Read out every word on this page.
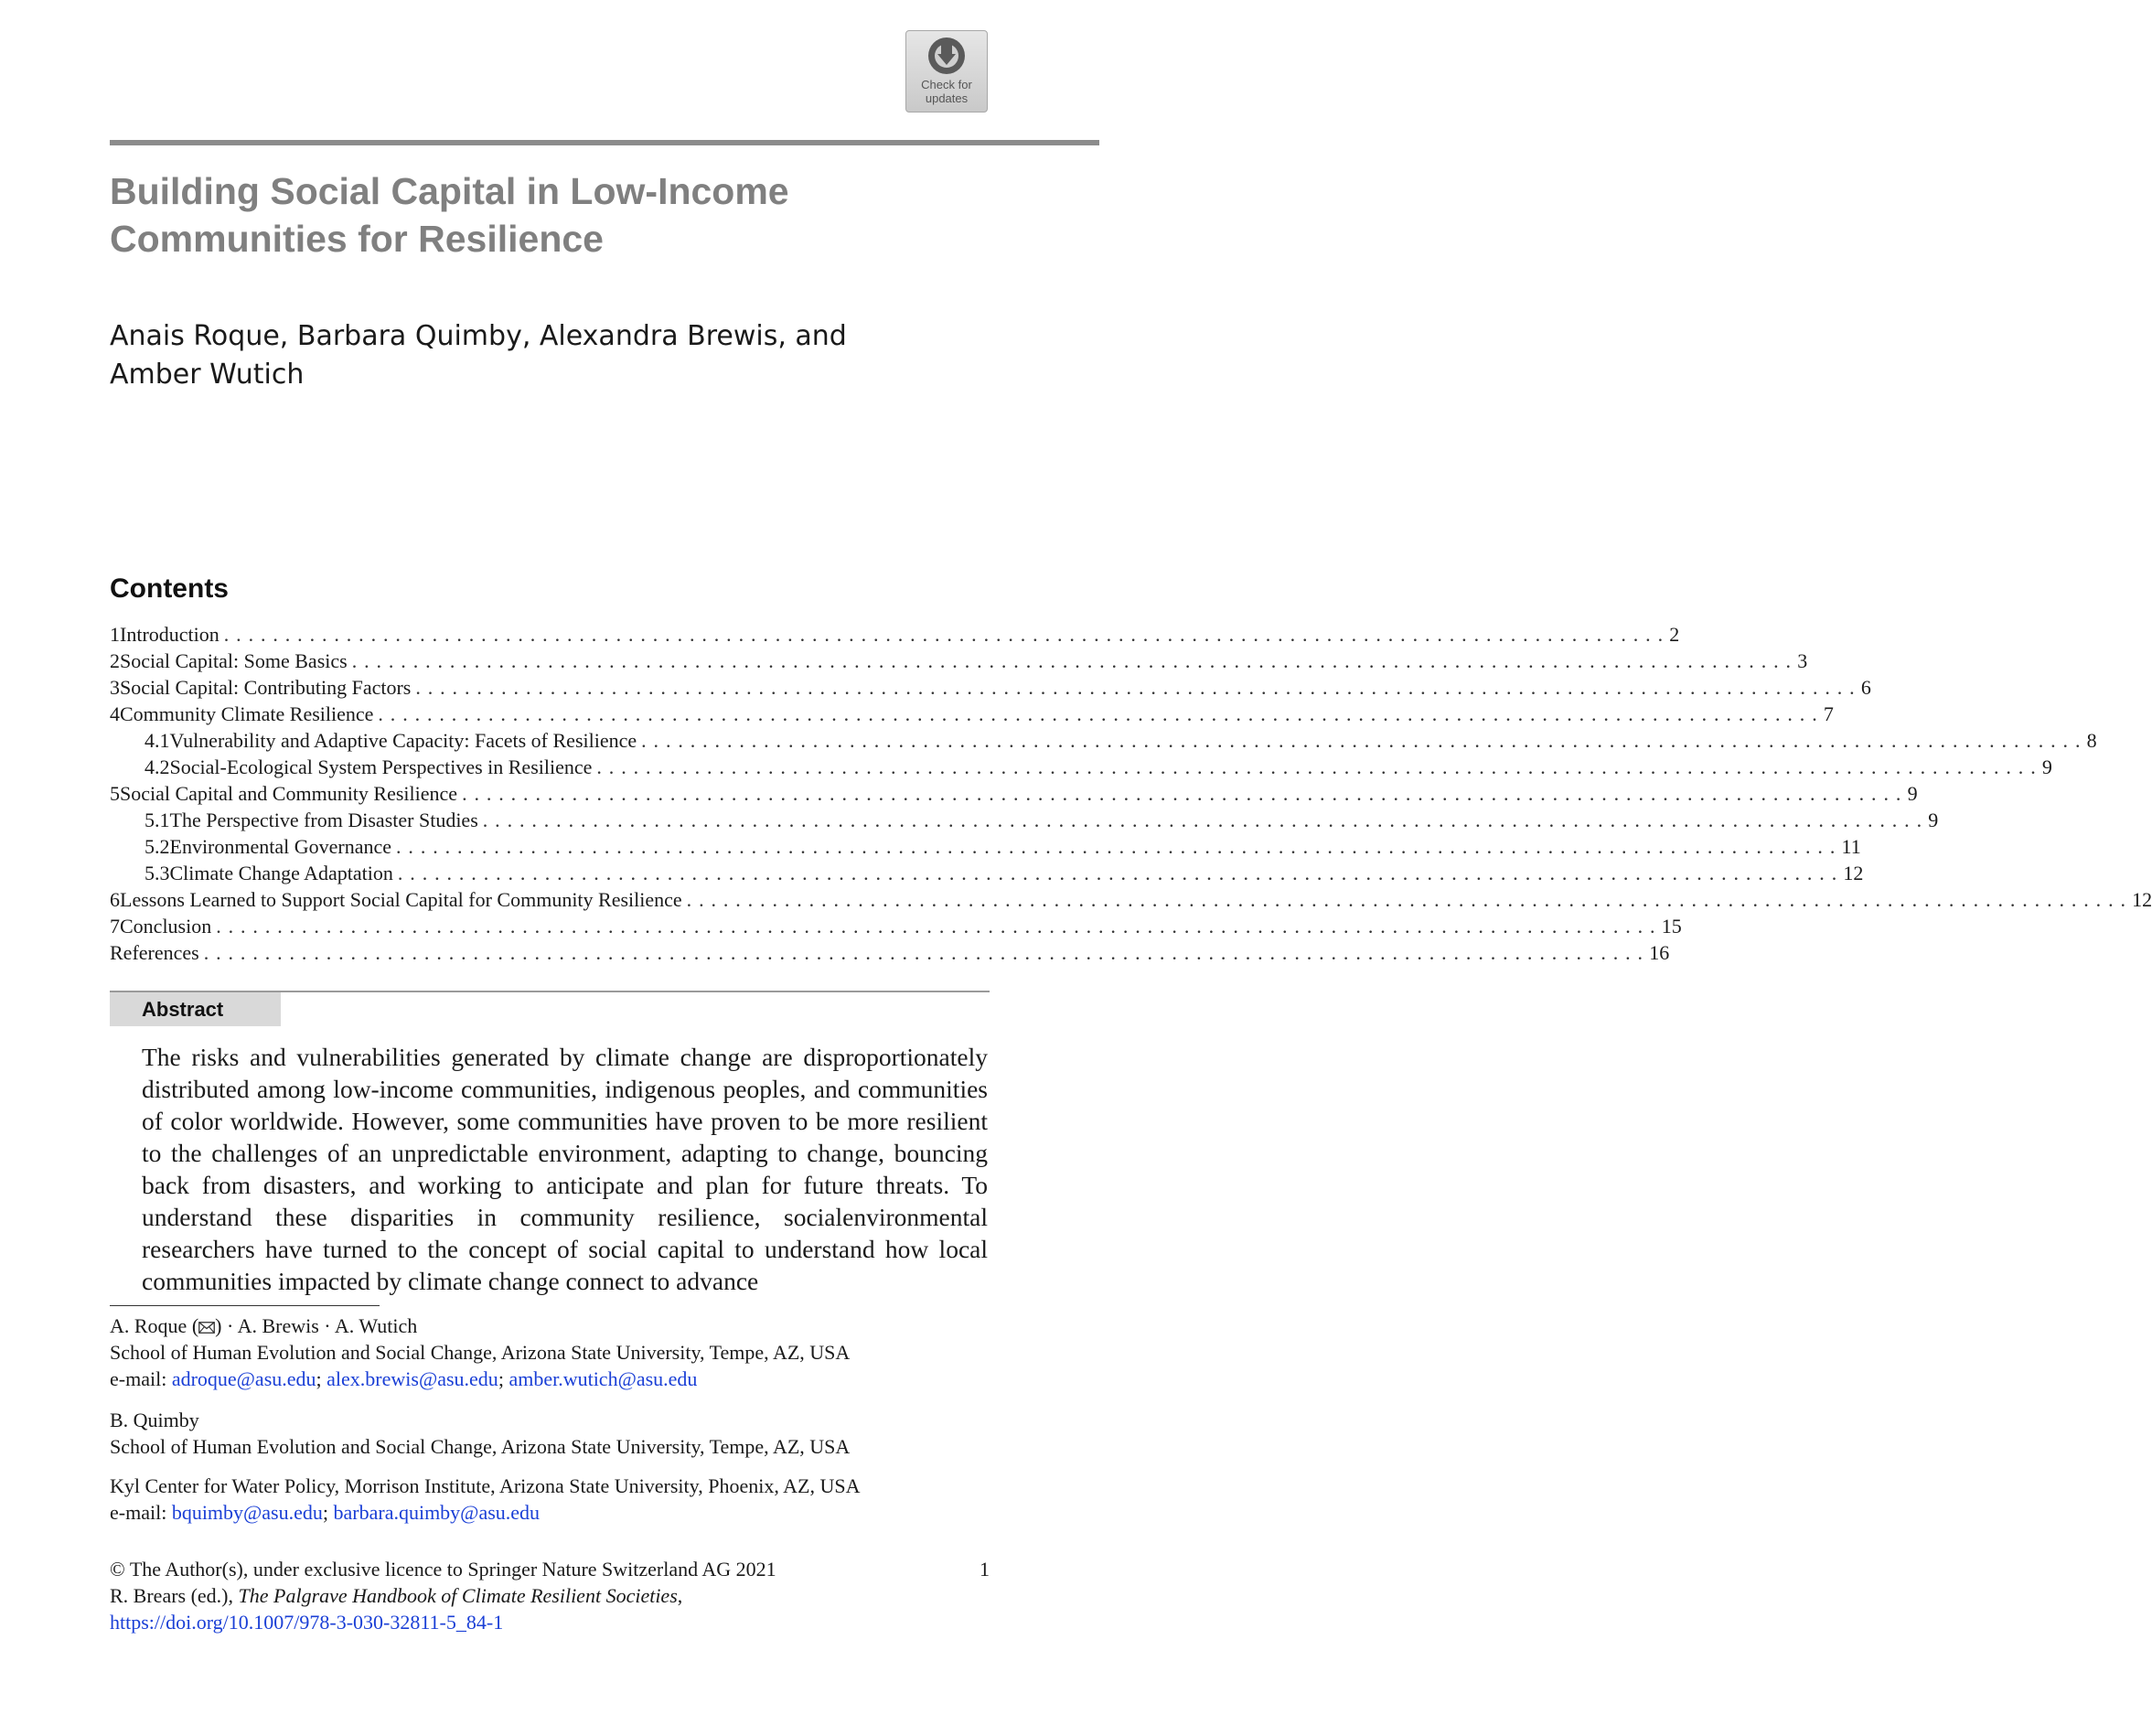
Check for
updates
Building Social Capital in Low-Income
Communities for Resilience
Anais Roque, Barbara Quimby, Alexandra Brewis, and
Amber Wutich
Contents
1 Introduction . . . . . . . . . . . . . . . . . . . . . . . . . . . . . . . . . . . . . . . . . . . . . . . . . . . . . . . . . . . . . . . . . . . . . . . . . . . . . . . . . . . . . . . . . . . . . . . . . . . . . . . . . . . . . . . . . . . . . . 2
2 Social Capital: Some Basics . . . . . . . . . . . . . . . . . . . . . . . . . . . . . . . . . . . . . . . . . . . . . . . . . . . . . . . . . . . . . . . . . . . . . . . . . . . . . . . . . . . . . . . . . . . . . . . . . . . . . . . . . . . . . . . . . . . . . . 3
3 Social Capital: Contributing Factors . . . . . . . . . . . . . . . . . . . . . . . . . . . . . . . . . . . . . . . . . . . . . . . . . . . . . . . . . . . . . . . . . . . . . . . . . . . . . . . . . . . . . . . . . . . . . . . . . . . . . . . . . . . . . . . . . . . . . . 6
4 Community Climate Resilience . . . . . . . . . . . . . . . . . . . . . . . . . . . . . . . . . . . . . . . . . . . . . . . . . . . . . . . . . . . . . . . . . . . . . . . . . . . . . . . . . . . . . . . . . . . . . . . . . . . . . . . . . . . . . . . . . . . . . . 7
4.1 Vulnerability and Adaptive Capacity: Facets of Resilience . . . . . . . . . . . . . . . . . . . . . . . . . . . . . . . . . . . . . . . . . . . . . . . . . . . . . . . . . . . . . . . . . . . . . . . . . . . . . . . . . . . . . . . . . . . . . . . . . . . . . . . . . . . . . . . . . . . . . . 8
4.2 Social-Ecological System Perspectives in Resilience . . . . . . . . . . . . . . . . . . . . . . . . . . . . . . . . . . . . . . . . . . . . . . . . . . . . . . . . . . . . . . . . . . . . . . . . . . . . . . . . . . . . . . . . . . . . . . . . . . . . . . . . . . . . . . . . . . . . . . 9
5 Social Capital and Community Resilience . . . . . . . . . . . . . . . . . . . . . . . . . . . . . . . . . . . . . . . . . . . . . . . . . . . . . . . . . . . . . . . . . . . . . . . . . . . . . . . . . . . . . . . . . . . . . . . . . . . . . . . . . . . . . . . . . . . . . . 9
5.1 The Perspective from Disaster Studies . . . . . . . . . . . . . . . . . . . . . . . . . . . . . . . . . . . . . . . . . . . . . . . . . . . . . . . . . . . . . . . . . . . . . . . . . . . . . . . . . . . . . . . . . . . . . . . . . . . . . . . . . . . . . . . . . . . . . . 9
5.2 Environmental Governance . . . . . . . . . . . . . . . . . . . . . . . . . . . . . . . . . . . . . . . . . . . . . . . . . . . . . . . . . . . . . . . . . . . . . . . . . . . . . . . . . . . . . . . . . . . . . . . . . . . . . . . . . . . . . . . . . . . . . . 11
5.3 Climate Change Adaptation . . . . . . . . . . . . . . . . . . . . . . . . . . . . . . . . . . . . . . . . . . . . . . . . . . . . . . . . . . . . . . . . . . . . . . . . . . . . . . . . . . . . . . . . . . . . . . . . . . . . . . . . . . . . . . . . . . . . . . 12
6 Lessons Learned to Support Social Capital for Community Resilience . . . . . . . . . . . . . . . . . . . . . . . . . . . . . . . . . . . . . . . . . . . . . . . . . . . . . . . . . . . . . . . . . . . . . . . . . . . . . . . . . . . . . . . . . . . . . . . . . . . . . . . . . . . . . . . . . . . . . . 12
7 Conclusion . . . . . . . . . . . . . . . . . . . . . . . . . . . . . . . . . . . . . . . . . . . . . . . . . . . . . . . . . . . . . . . . . . . . . . . . . . . . . . . . . . . . . . . . . . . . . . . . . . . . . . . . . . . . . . . . . . . . . . 15
References . . . . . . . . . . . . . . . . . . . . . . . . . . . . . . . . . . . . . . . . . . . . . . . . . . . . . . . . . . . . . . . . . . . . . . . . . . . . . . . . . . . . . . . . . . . . . . . . . . . . . . . . . . . . . . . . . . . . . . 16
Abstract

The risks and vulnerabilities generated by climate change are disproportionately distributed among low-income communities, indigenous peoples, and communities of color worldwide. However, some communities have proven to be more resilient to the challenges of an unpredictable environment, adapting to change, bouncing back from disasters, and working to anticipate and plan for future threats. To understand these disparities in community resilience, socialenvironmental researchers have turned to the concept of social capital to understand how local communities impacted by climate change connect to advance

A. Roque ( ) · A. Brewis · A. Wutich
School of Human Evolution and Social Change, Arizona State University, Tempe, AZ, USA
e-mail: adroque@asu.edu; alex.brewis@asu.edu; amber.wutich@asu.edu
B. Quimby
School of Human Evolution and Social Change, Arizona State University, Tempe, AZ, USA
Kyl Center for Water Policy, Morrison Institute, Arizona State University, Phoenix, AZ, USA
e-mail: bquimby@asu.edu; barbara.quimby@asu.edu
© The Author(s), under exclusive licence to Springer Nature Switzerland AG 2021	1
R. Brears (ed.), The Palgrave Handbook of Climate Resilient Societies,
https://doi.org/10.1007/978-3-030-32811-5_84-1
